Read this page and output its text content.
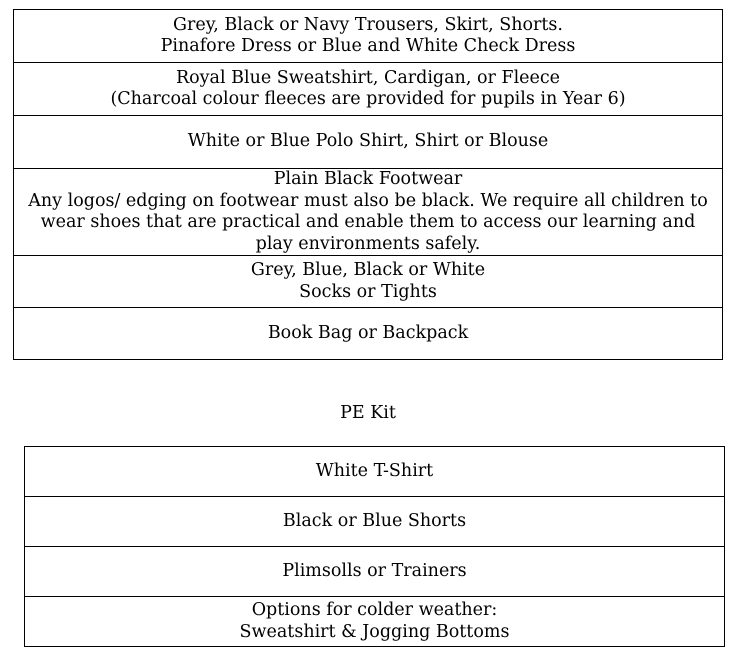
Grey, Black or Navy Trousers, Skirt, Shorts.
Pinafore Dress or Blue and White Check Dress

Royal Blue Sweatshirt, Cardigan, or Fleece
(Charcoal colour fleeces are provided for pupils in Year 6)

White or Blue Polo Shirt, Shirt or Blouse

Plain Black Footwear
Any logos/ edging on footwear must also be black. We require all children to wear shoes that are practical and enable them to access our learning and play environments safely.

Grey, Blue, Black or White
Socks or Tights

Book Bag or Backpack
PE Kit
White T-Shirt

Black or Blue Shorts

Plimsolls or Trainers

Options for colder weather:
Sweatshirt & Jogging Bottoms
